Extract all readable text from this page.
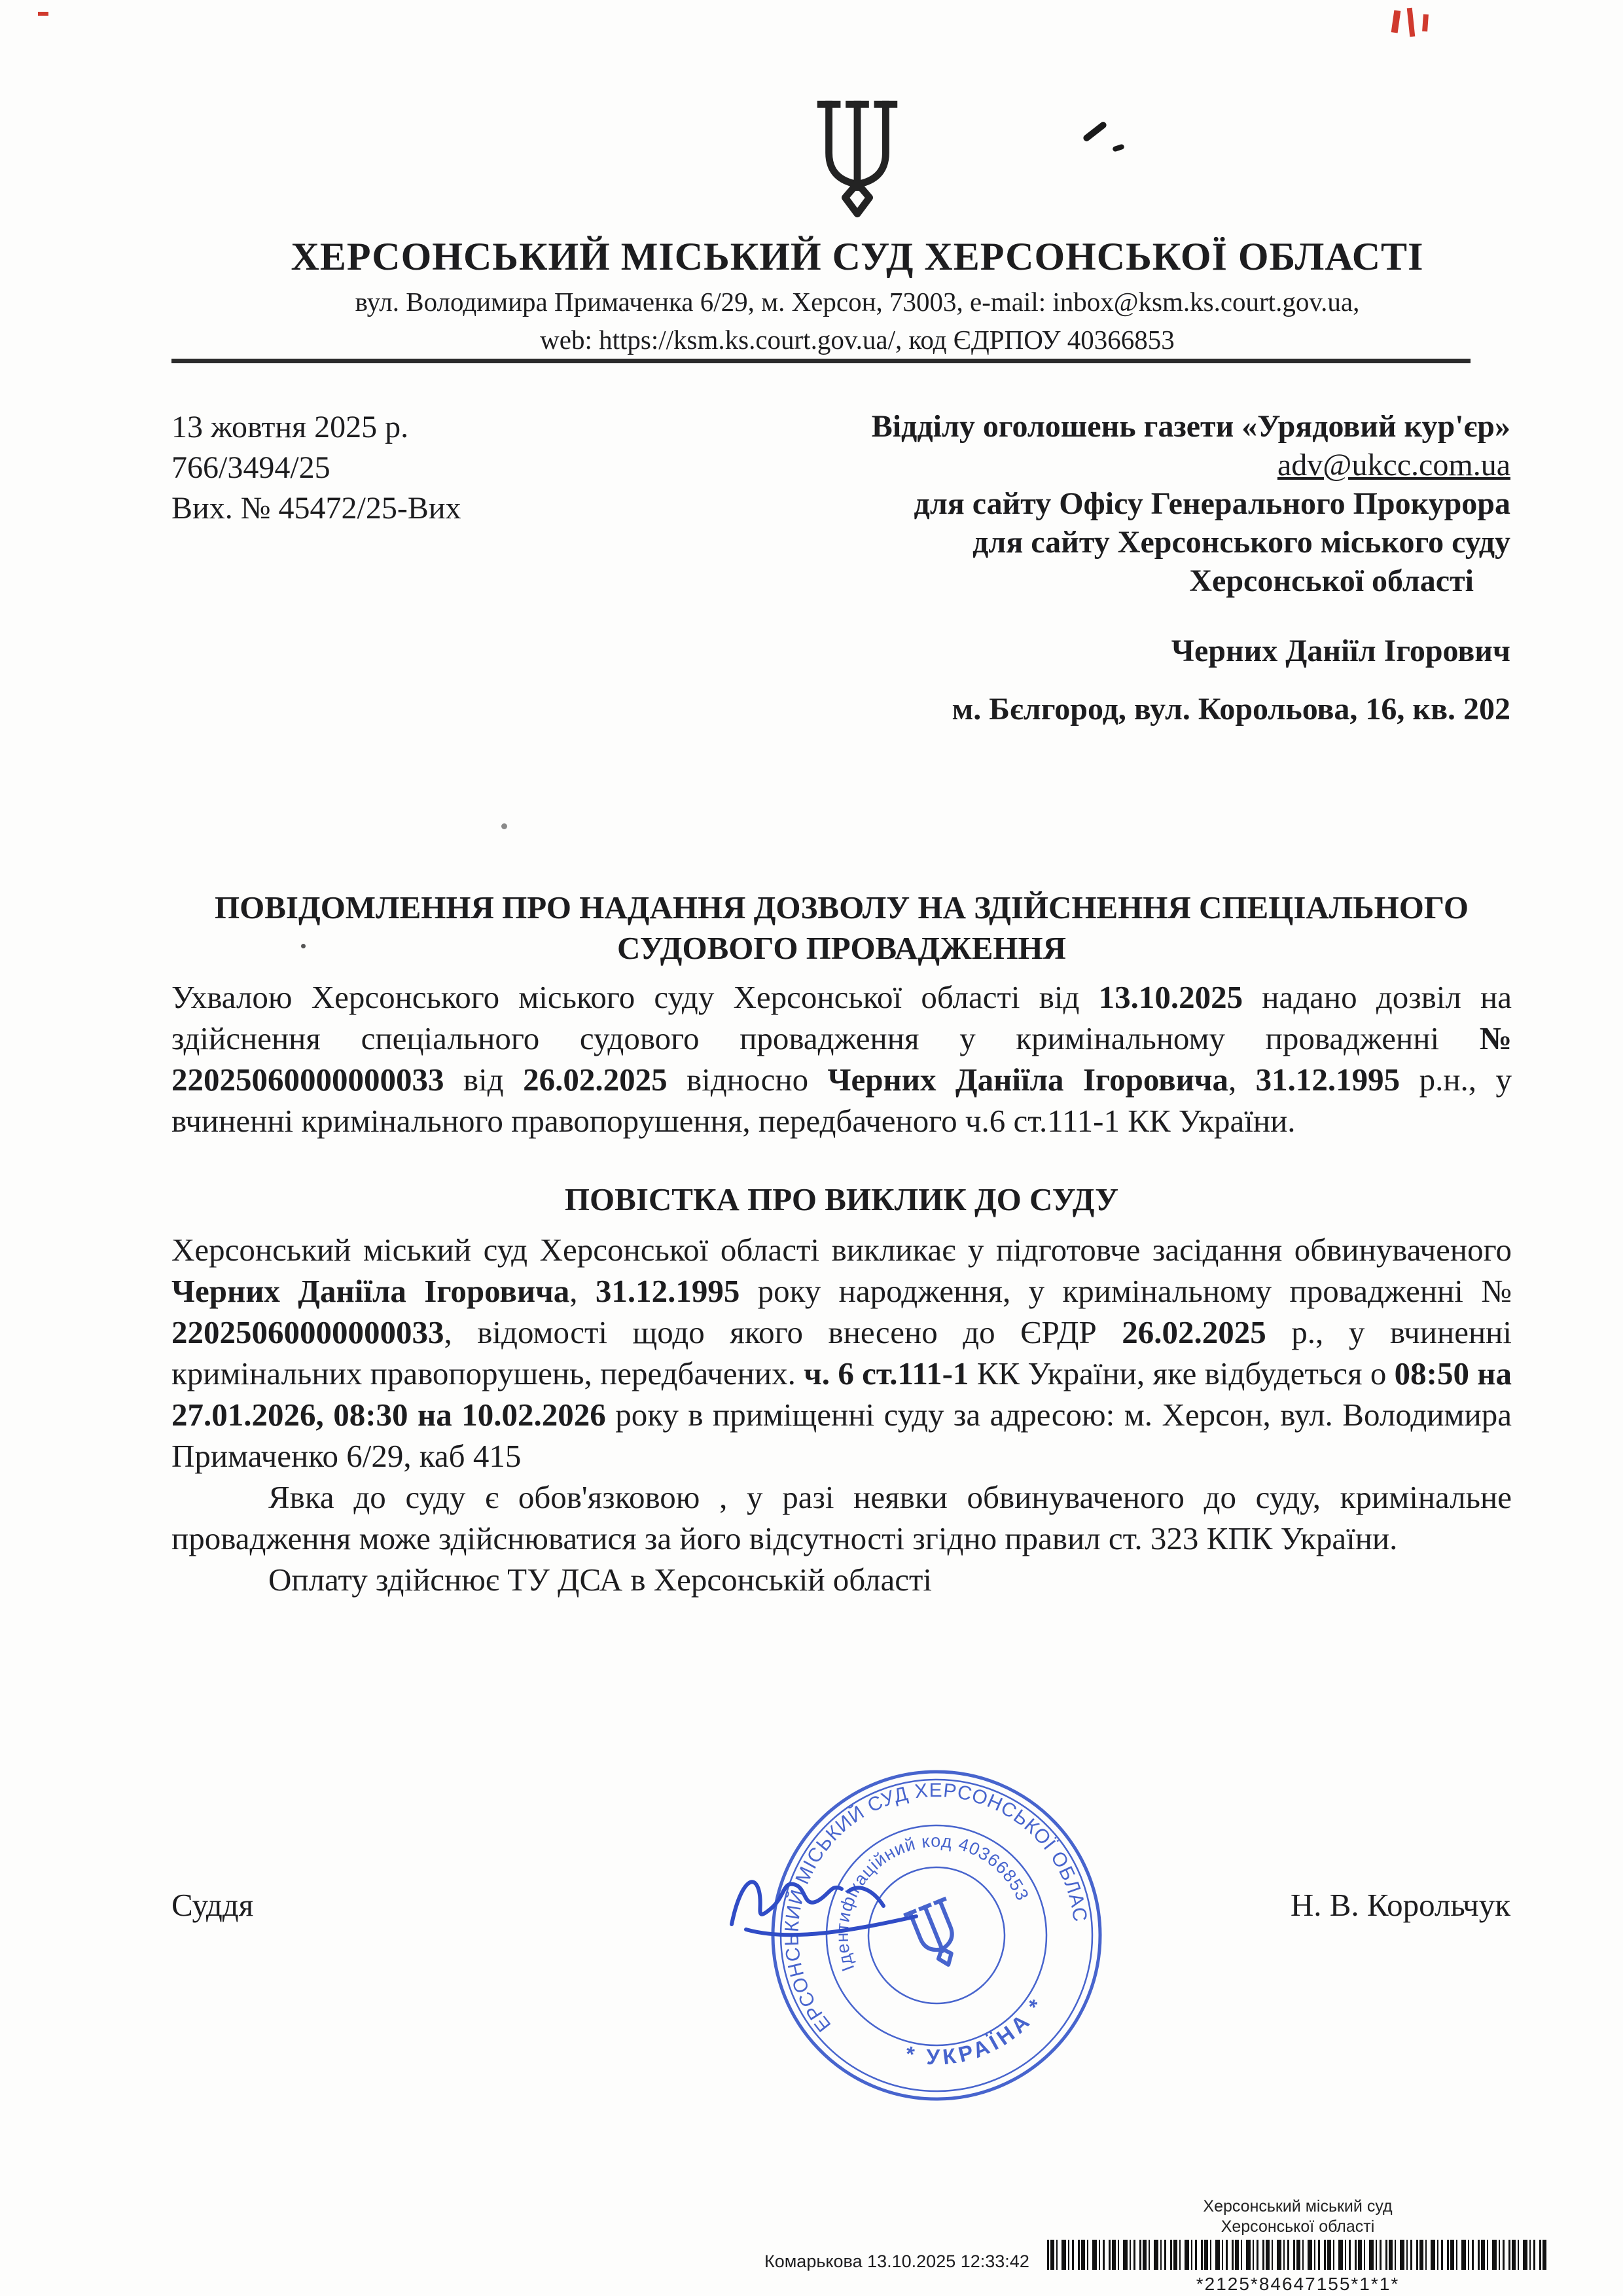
ХЕРСОНСЬКИЙ МІСЬКИЙ СУД ХЕРСОНСЬКОЇ ОБЛАСТІ
вул. Володимира Примаченка 6/29, м. Херсон, 73003, e-mail: inbox@ksm.ks.court.gov.ua,
web: https://ksm.ks.court.gov.ua/, код ЄДРПОУ 40366853
13 жовтня 2025 р.
766/3494/25
Вих. № 45472/25-Вих
Відділу оголошень газети «Урядовий кур'єр»
adv@ukcc.com.ua
для сайту Офісу Генерального Прокурора
для сайту Херсонського міського суду
Херсонської області
Черних Даніїл Ігорович
м. Бєлгород, вул. Корольова, 16, кв. 202
ПОВІДОМЛЕННЯ ПРО НАДАННЯ ДОЗВОЛУ НА ЗДІЙСНЕННЯ СПЕЦІАЛЬНОГО
СУДОВОГО ПРОВАДЖЕННЯ

Ухвалою Херсонського міського суду Херсонської області від 13.10.2025 надано дозвіл на здійснення спеціального судового провадження у кримінальному провадженні № 22025060000000033 від 26.02.2025 відносно Черних Даніїла Ігоровича, 31.12.1995 р.н., у вчиненні кримінального правопорушення, передбаченого ч.6 ст.111-1 КК України.

ПОВІСТКА ПРО ВИКЛИК ДО СУДУ

Херсонський міський суд Херсонської області викликає у підготовче засідання обвинуваченого Черних Даніїла Ігоровича, 31.12.1995 року народження, у кримінальному провадженні № 22025060000000033, відомості щодо якого внесено до ЄРДР 26.02.2025 р., у вчиненні кримінальних правопорушень, передбачених. ч. 6 ст.111-1 КК України, яке відбудеться о 08:50 на 27.01.2026, 08:30 на 10.02.2026 року в приміщенні суду за адресою: м. Херсон, вул. Володимира Примаченко 6/29, каб 415

Явка до суду є обов'язковою , у разі неявки обвинуваченого до суду, кримінальне провадження може здійснюватися за його відсутності згідно правил ст. 323 КПК України.

Оплату здійснює ТУ ДСА в Херсонській області

Суддя	Н. В. Корольчук
ХЕРСОНСЬКИЙ МІСЬКИЙ СУД ХЕРСОНСЬКОЇ ОБЛАСТІ
* УКРАЇНА *
Ідентифікаційний код 40366853
Херсонський міський суд
Херсонської області
*2125*84647155*1*1*
Комарькова 13.10.2025 12:33:42
